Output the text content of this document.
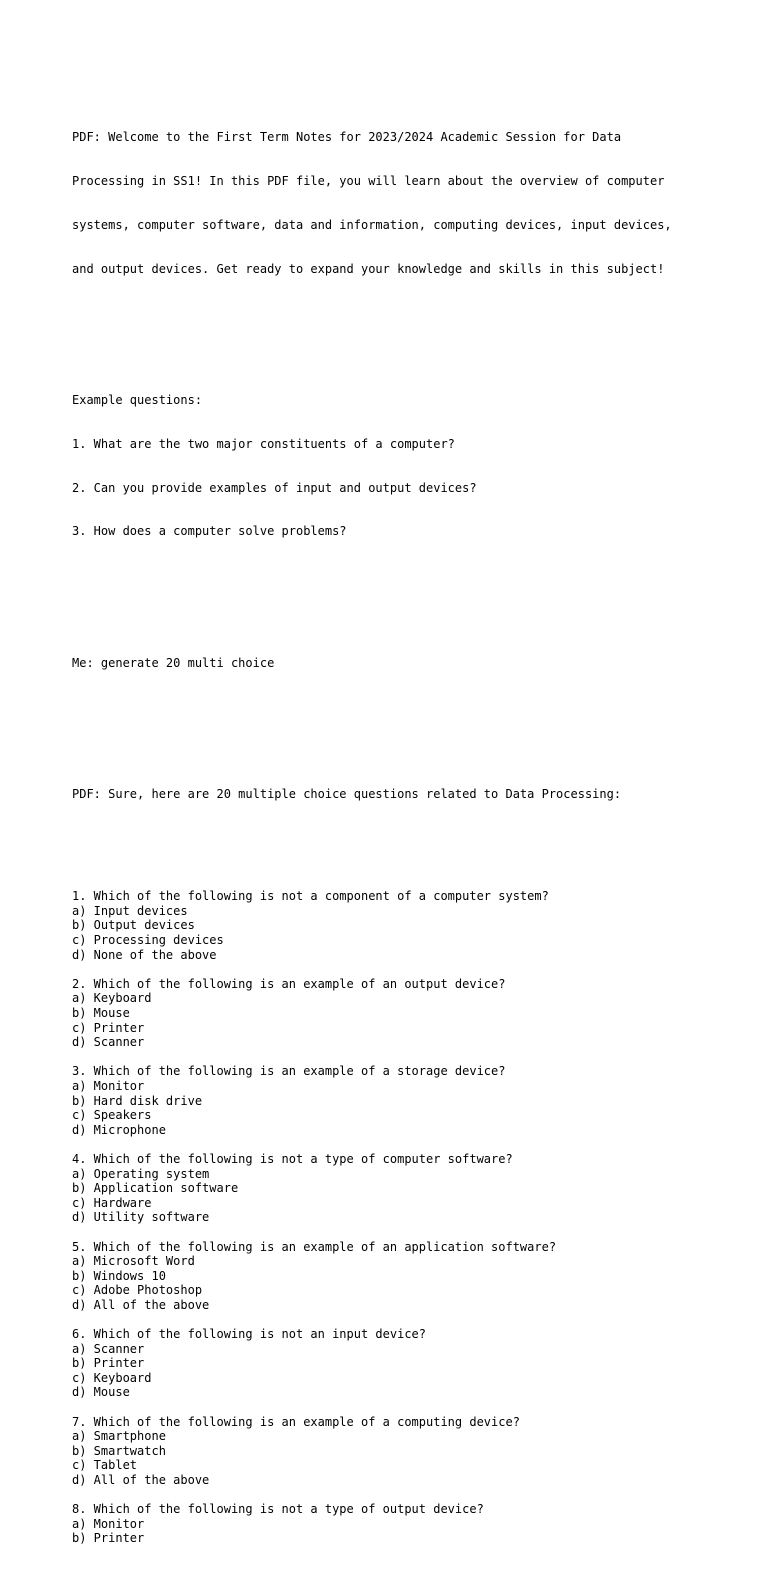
PDF: Welcome to the First Term Notes for 2023/2024 Academic Session for Data

Processing in SS1! In this PDF file, you will learn about the overview of computer

systems, computer software, data and information, computing devices, input devices,

and output devices. Get ready to expand your knowledge and skills in this subject!

Example questions:

1. What are the two major constituents of a computer?

2. Can you provide examples of input and output devices?

3. How does a computer solve problems?

Me: generate 20 multi choice

PDF: Sure, here are 20 multiple choice questions related to Data Processing:

1. Which of the following is not a component of a computer system?
a) Input devices
b) Output devices
c) Processing devices
d) None of the above
2. Which of the following is an example of an output device?
a) Keyboard
b) Mouse
c) Printer
d) Scanner
3. Which of the following is an example of a storage device?
a) Monitor
b) Hard disk drive
c) Speakers
d) Microphone
4. Which of the following is not a type of computer software?
a) Operating system
b) Application software
c) Hardware
d) Utility software
5. Which of the following is an example of an application software?
a) Microsoft Word
b) Windows 10
c) Adobe Photoshop
d) All of the above
6. Which of the following is not an input device?
a) Scanner
b) Printer
c) Keyboard
d) Mouse
7. Which of the following is an example of a computing device?
a) Smartphone
b) Smartwatch
c) Tablet
d) All of the above
8. Which of the following is not a type of output device?
a) Monitor
b) Printer
